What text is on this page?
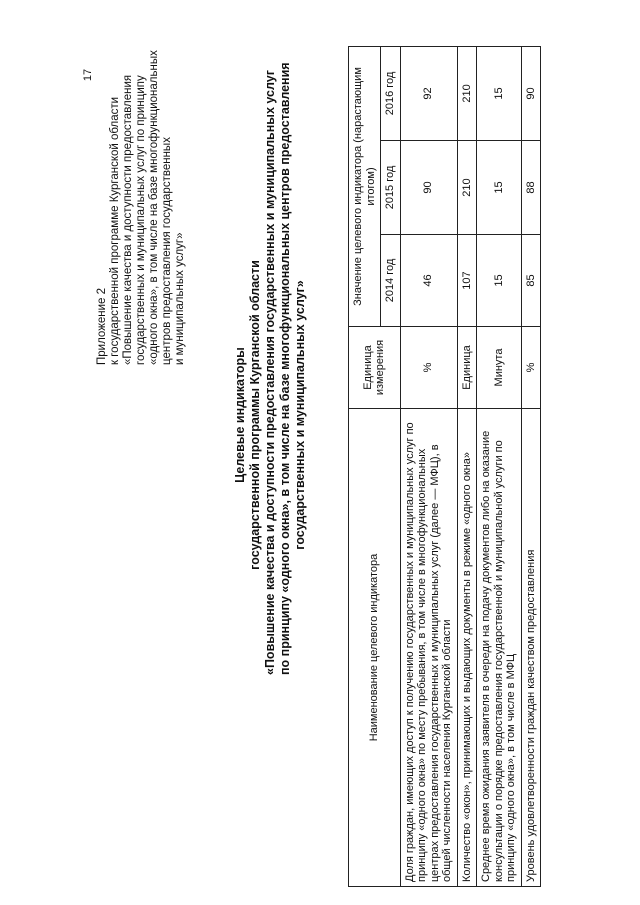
17
Приложение 2 к государственной программе Курганской области «Повышение качества и доступности предоставления государственных и муниципальных услуг по принципу «одного окна», в том числе на базе многофункциональных центров предоставления государственных и муниципальных услуг»
Целевые индикаторы государственной программы Курганской области «Повышение качества и доступности предоставления государственных и муниципальных услуг по принципу «одного окна», в том числе на базе многофункциональных центров предоставления государственных и муниципальных услуг»
Наименование целевого индикатора	Единица измерения	Значение целевого индикатора (нарастающим итогом)		
		2014 год	2015 год	2016 год
Доля граждан, имеющих доступ к получению государственных и муниципальных услуг по принципу «одного окна» по месту пребывания, в том числе в многофункциональных центрах предоставления государственных и муниципальных услуг (далее — МФЦ), в общей численности населения Курганской области	%	46	90	92
Количество «окон», принимающих и выдающих документы в режиме «одного окна»	Единица	107	210	210
Среднее время ожидания заявителя в очереди на подачу документов либо на оказание консультации о порядке предоставления государственной и муниципальной услуги по принципу «одного окна», в том числе в МФЦ	Минута	15	15	15
Уровень удовлетворенности граждан качеством предоставления	%	85	88	90
